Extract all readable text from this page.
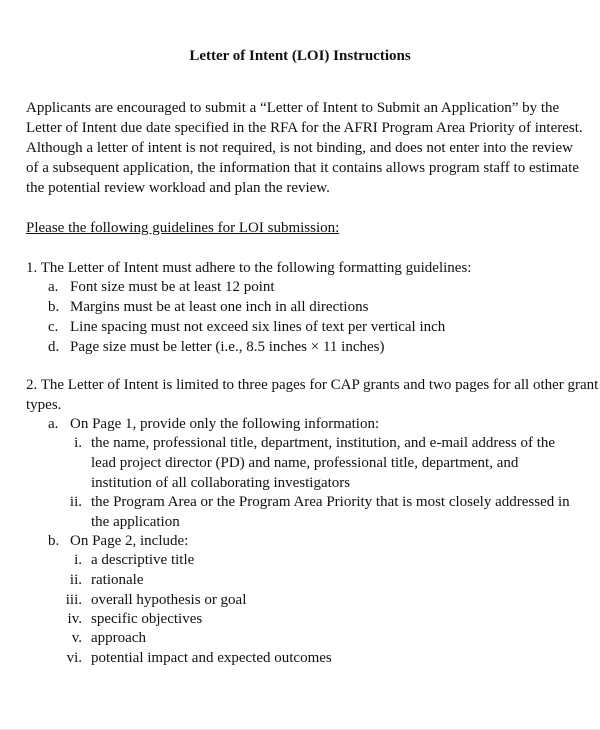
Letter of Intent (LOI) Instructions

Applicants are encouraged to submit a “Letter of Intent to Submit an Application” by the Letter of Intent due date specified in the RFA for the AFRI Program Area Priority of interest. Although a letter of intent is not required, is not binding, and does not enter into the review of a subsequent application, the information that it contains allows program staff to estimate the potential review workload and plan the review.

Please the following guidelines for LOI submission:
1. The Letter of Intent must adhere to the following formatting guidelines:
a. Font size must be at least 12 point
b. Margins must be at least one inch in all directions
c. Line spacing must not exceed six lines of text per vertical inch
d. Page size must be letter (i.e., 8.5 inches × 11 inches)
2. The Letter of Intent is limited to three pages for CAP grants and two pages for all other grant
types.
a. On Page 1, provide only the following information:
i. the name, professional title, department, institution, and e-mail address of the lead project director (PD) and name, professional title, department, and institution of all collaborating investigators
ii. the Program Area or the Program Area Priority that is most closely addressed in the application
b. On Page 2, include:
i. a descriptive title
ii. rationale
iii. overall hypothesis or goal
iv. specific objectives
v. approach
vi. potential impact and expected outcomes
